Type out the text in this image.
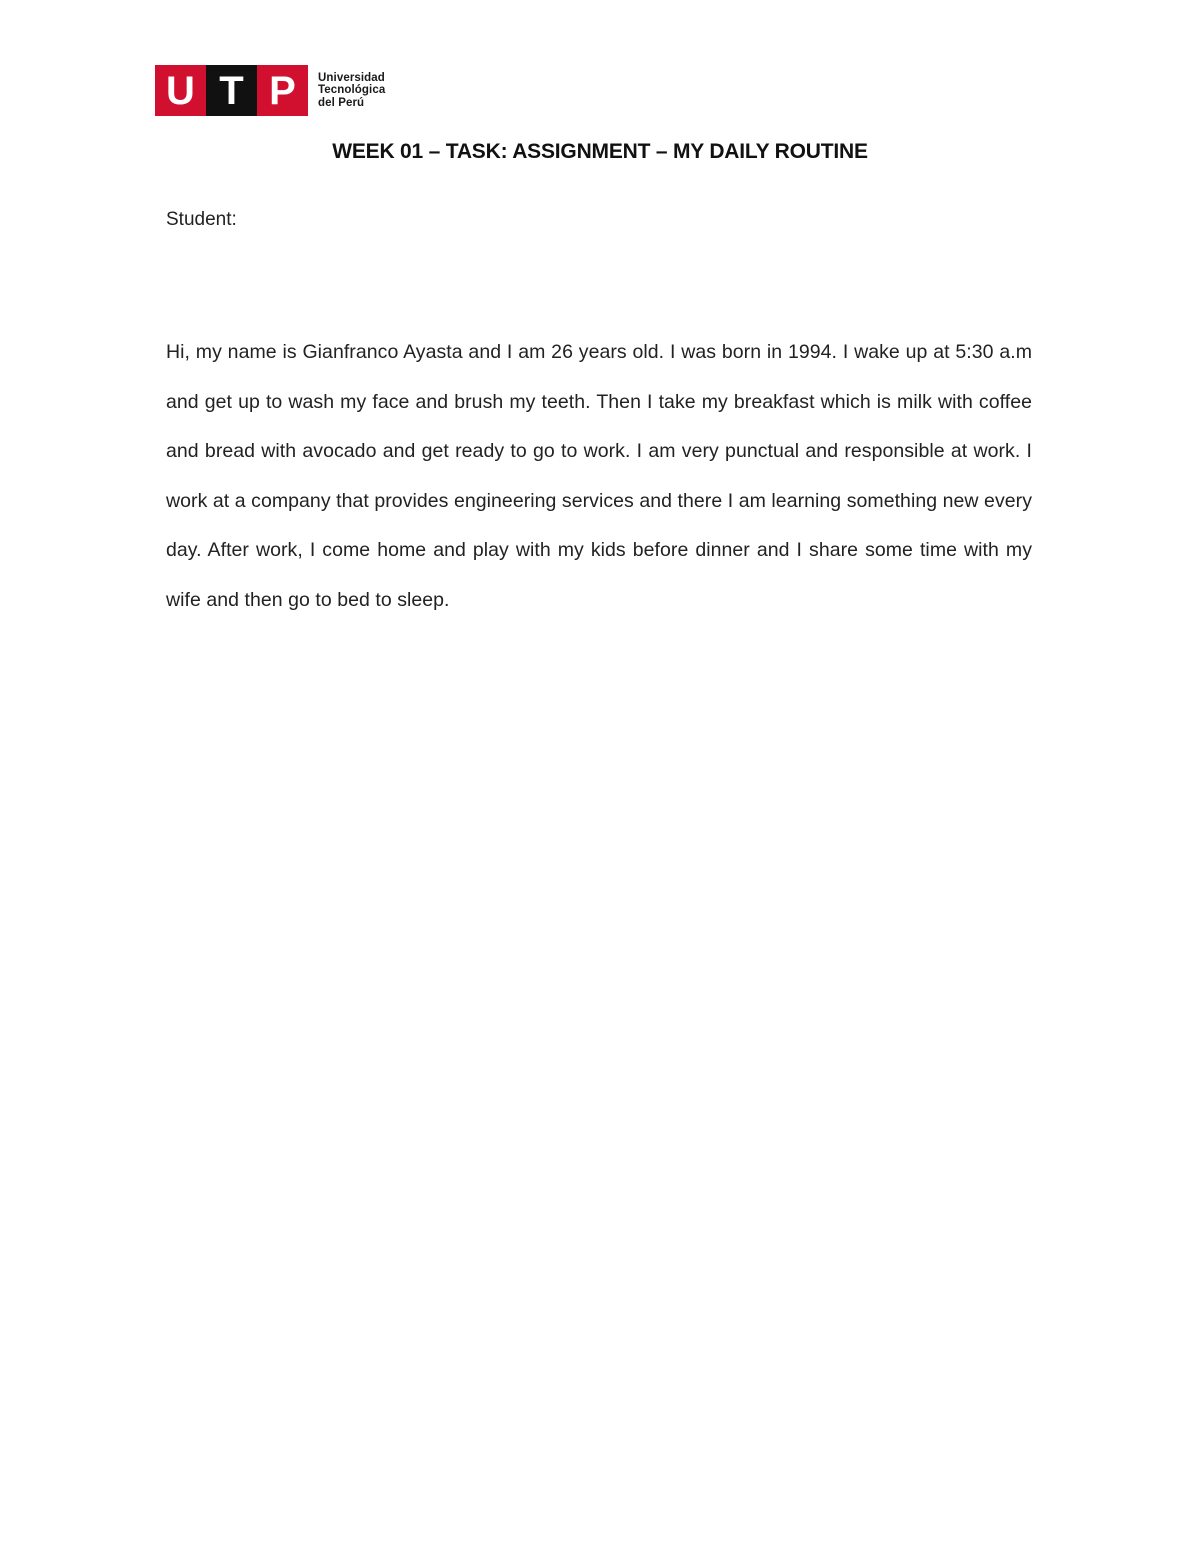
U T P	Universidad
Tecnológica
del Perú
WEEK 01 – TASK: ASSIGNMENT – MY DAILY ROUTINE
Student:
Hi, my name is Gianfranco Ayasta and I am 26 years old. I was born in 1994. I wake up at 5:30 a.m and get up to wash my face and brush my teeth. Then I take my breakfast which is milk with coffee and bread with avocado and get ready to go to work. I am very punctual and responsible at work. I work at a company that provides engineering services and there I am learning something new every day. After work, I come home and play with my kids before dinner and I share some time with my wife and then go to bed to sleep.
